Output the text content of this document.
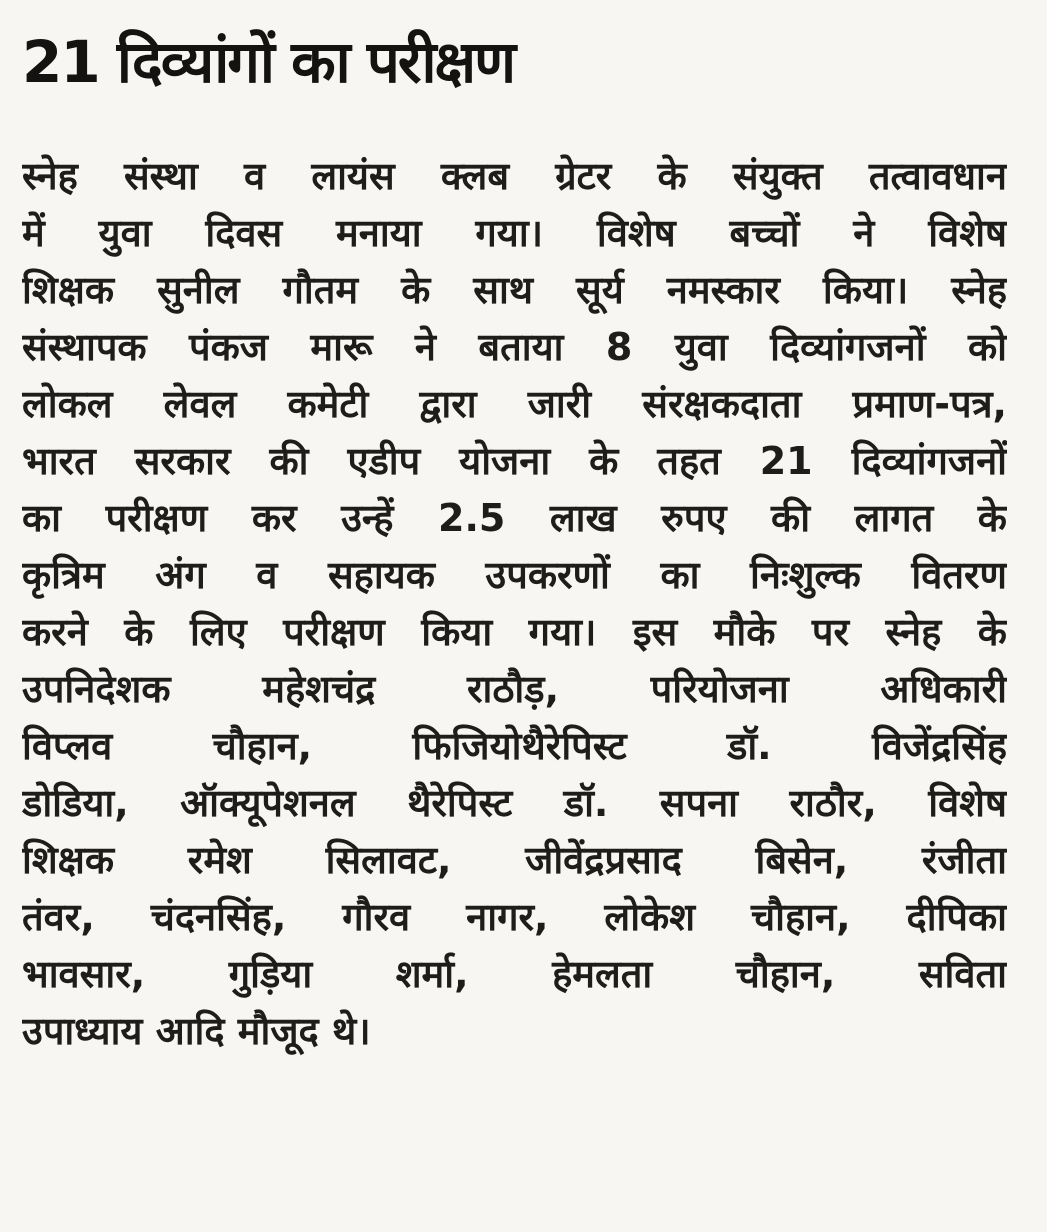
21 दिव्यांगों का परीक्षण
स्नेह संस्था व लायंस क्लब ग्रेटर के संयुक्त तत्वावधान
में युवा दिवस मनाया गया। विशेष बच्चों ने विशेष
शिक्षक सुनील गौतम के साथ सूर्य नमस्कार किया। स्नेह
संस्थापक पंकज मारू ने बताया 8 युवा दिव्यांगजनों को
लोकल लेवल कमेटी द्वारा जारी संरक्षकदाता प्रमाण-पत्र,
भारत सरकार की एडीप योजना के तहत 21 दिव्यांगजनों
का परीक्षण कर उन्हें 2.5 लाख रुपए की लागत के
कृत्रिम अंग व सहायक उपकरणों का निःशुल्क वितरण
करने के लिए परीक्षण किया गया। इस मौके पर स्नेह के
उपनिदेशक महेशचंद्र राठौड़, परियोजना अधिकारी
विप्लव चौहान, फिजियोथैरेपिस्ट डॉ. विजेंद्रसिंह
डोडिया, ऑक्यूपेशनल थैरेपिस्ट डॉ. सपना राठौर, विशेष
शिक्षक रमेश सिलावट, जीवेंद्रप्रसाद बिसेन, रंजीता
तंवर, चंदनसिंह, गौरव नागर, लोकेश चौहान, दीपिका
भावसार, गुड़िया शर्मा, हेमलता चौहान, सविता
उपाध्याय आदि मौजूद थे।
